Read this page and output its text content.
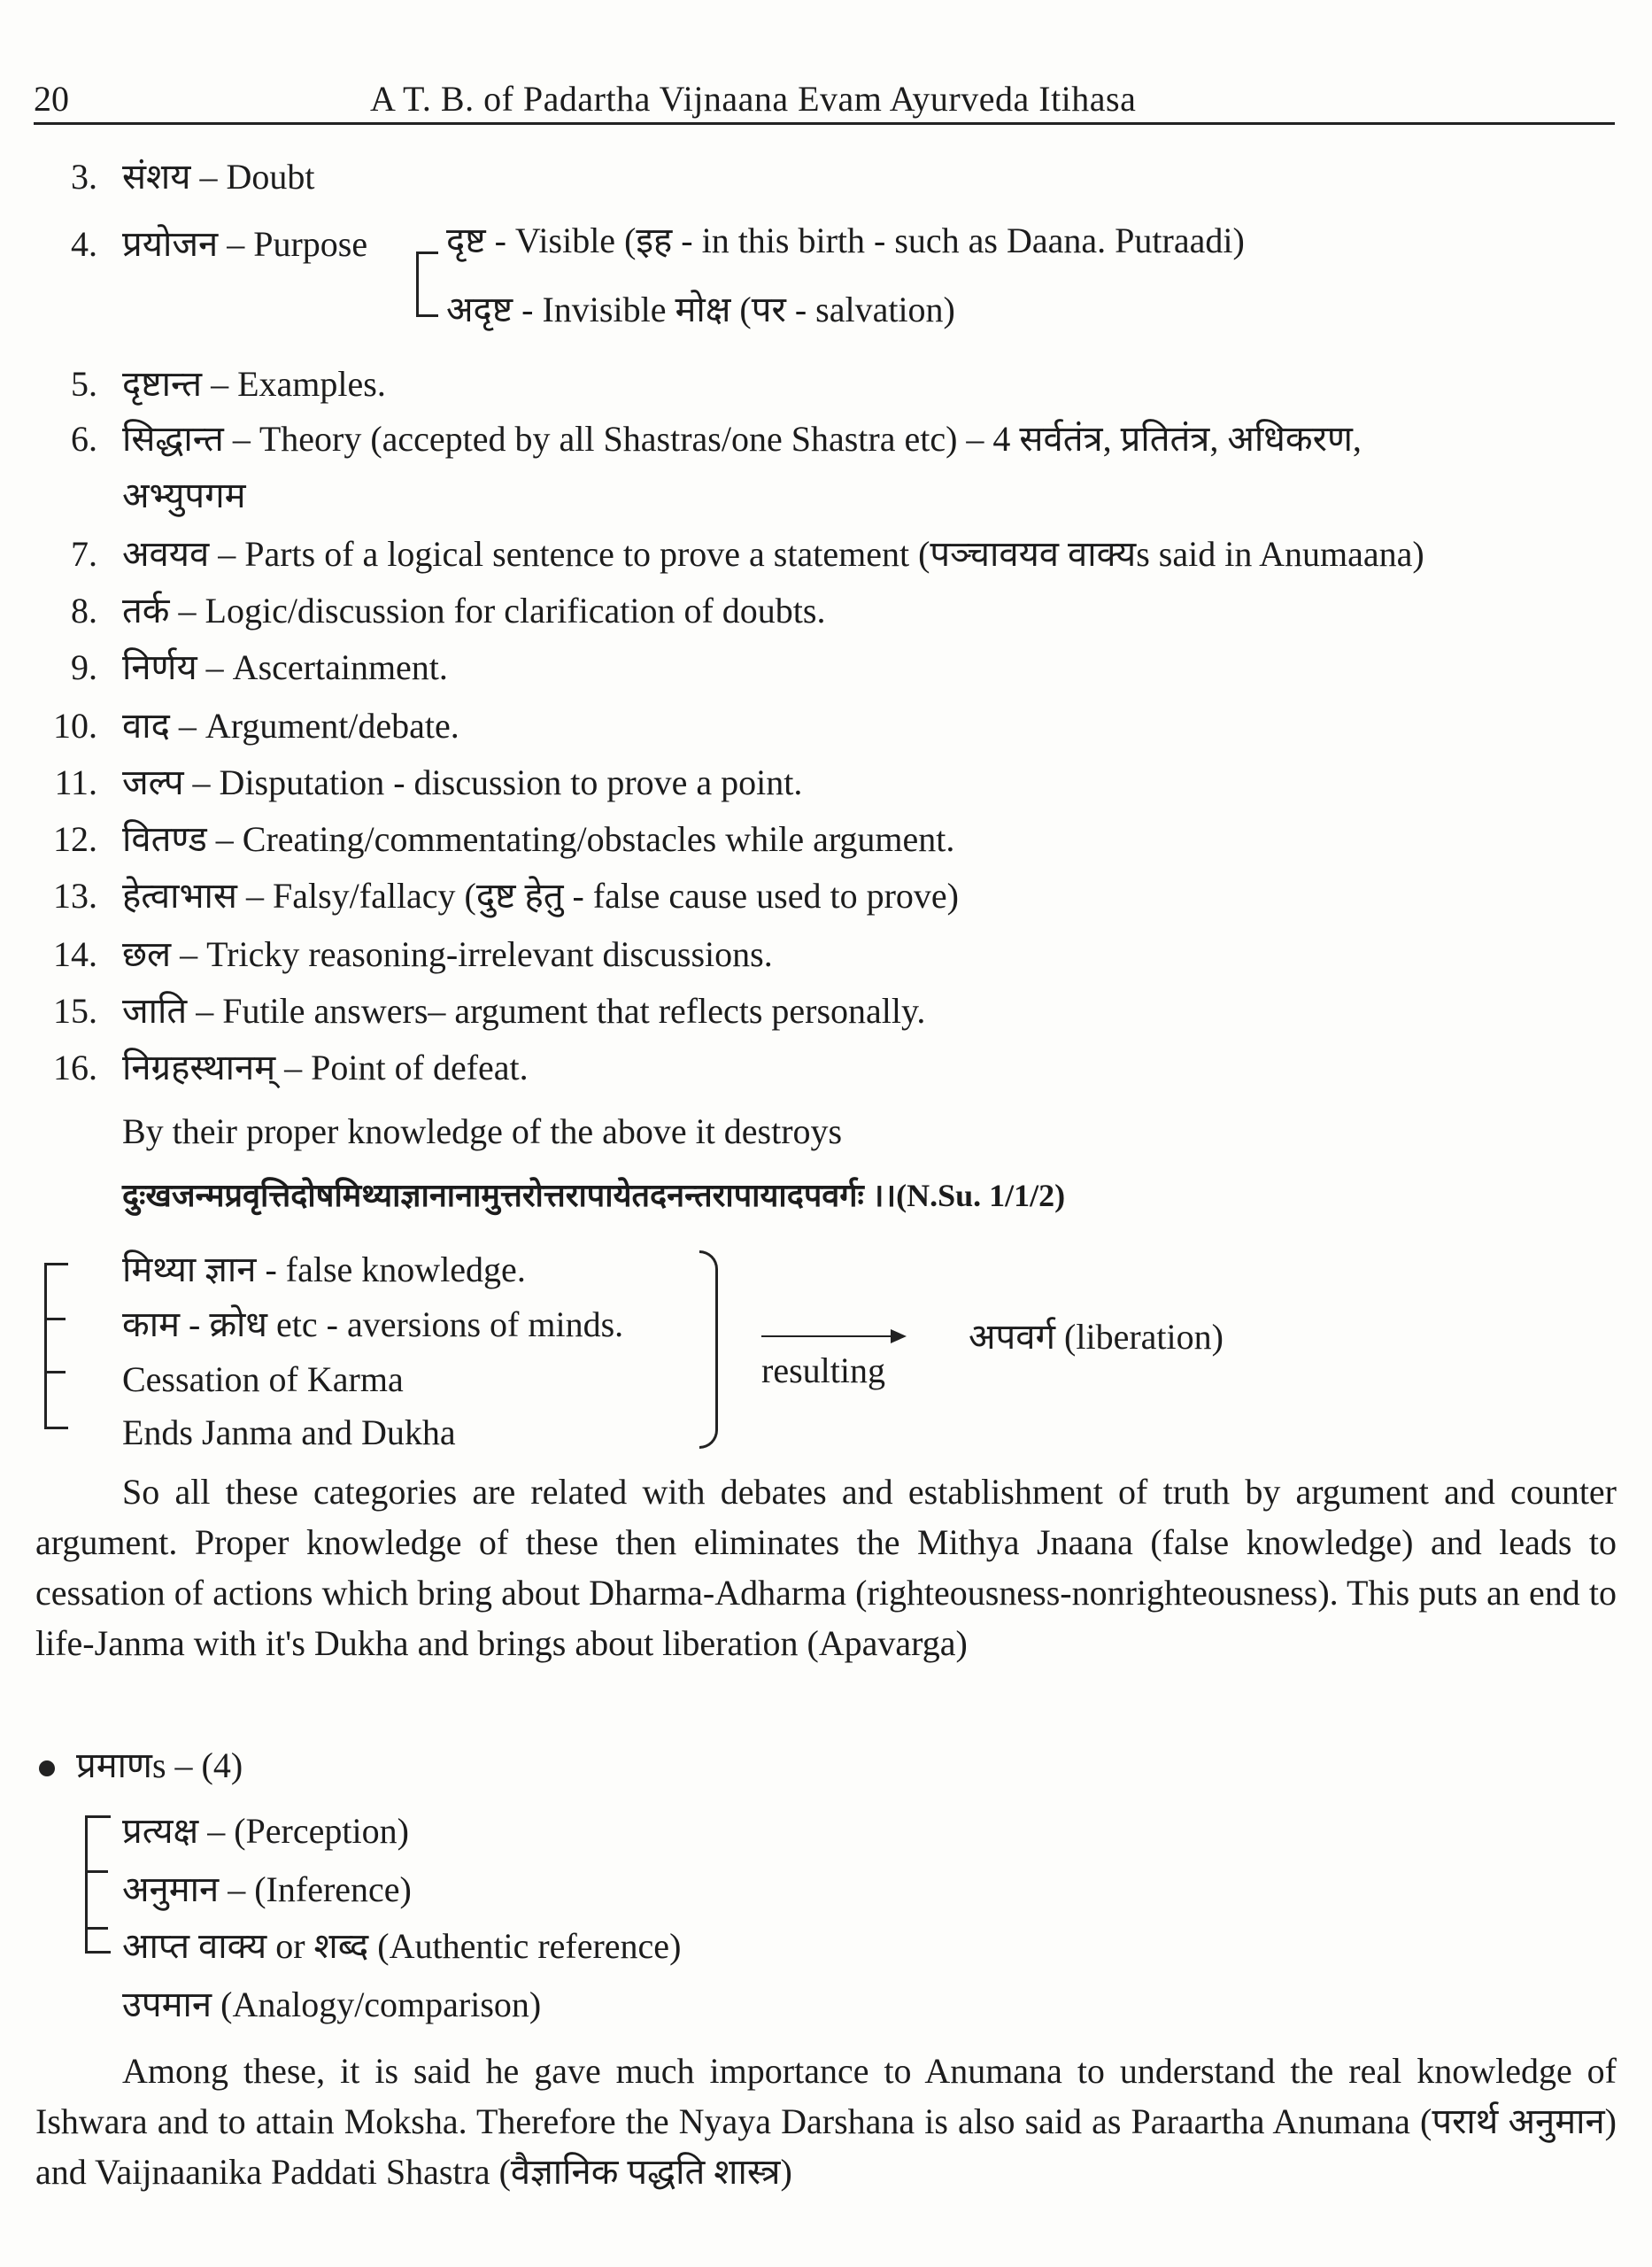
20	A T. B. of Padartha Vijnaana Evam Ayurveda Itihasa
3. संशय – Doubt
4. प्रयोजन – Purpose दृष्ट - Visible (इह - in this birth - such as Daana. Putraadi)
अदृष्ट - Invisible मोक्ष (पर - salvation)
5. दृष्टान्त – Examples.
6. सिद्धान्त – Theory (accepted by all Shastras/one Shastra etc) – 4 सर्वतंत्र, प्रतितंत्र, अधिकरण,
अभ्युपगम
7. अवयव – Parts of a logical sentence to prove a statement (पञ्चावयव वाक्यs said in Anumaana)
8. तर्क – Logic/discussion for clarification of doubts.
9. निर्णय – Ascertainment.
10. वाद – Argument/debate.
11. जल्प – Disputation - discussion to prove a point.
12. वितण्ड – Creating/commentating/obstacles while argument.
13. हेत्वाभास – Falsy/fallacy (दुष्ट हेतु - false cause used to prove)
14. छल – Tricky reasoning-irrelevant discussions.
15. जाति – Futile answers– argument that reflects personally.
16. निग्रहस्थानम् – Point of defeat.
By their proper knowledge of the above it destroys
दुःखजन्मप्रवृत्तिदोषमिथ्याज्ञानानामुत्तरोत्तरापायेतदनन्तरापायादपवर्गः ।।(N.Su. 1/1/2)
मिथ्या ज्ञान - false knowledge.
काम - क्रोध etc - aversions of minds.
Cessation of Karma
Ends Janma and Dukha
resulting
अपवर्ग (liberation)
So all these categories are related with debates and establishment of truth by argument and counter argument. Proper knowledge of these then eliminates the Mithya Jnaana (false knowledge) and leads to cessation of actions which bring about Dharma-Adharma (righteousness-nonrighteousness). This puts an end to life-Janma with it's Dukha and brings about liberation (Apavarga)
प्रमाणs – (4)
प्रत्यक्ष – (Perception)
अनुमान – (Inference)
आप्त वाक्य or शब्द (Authentic reference)
उपमान (Analogy/comparison)
Among these, it is said he gave much importance to Anumana to understand the real knowledge of Ishwara and to attain Moksha. Therefore the Nyaya Darshana is also said as Paraartha Anumana (परार्थ अनुमान) and Vaijnaanika Paddati Shastra (वैज्ञानिक पद्धति शास्त्र)
